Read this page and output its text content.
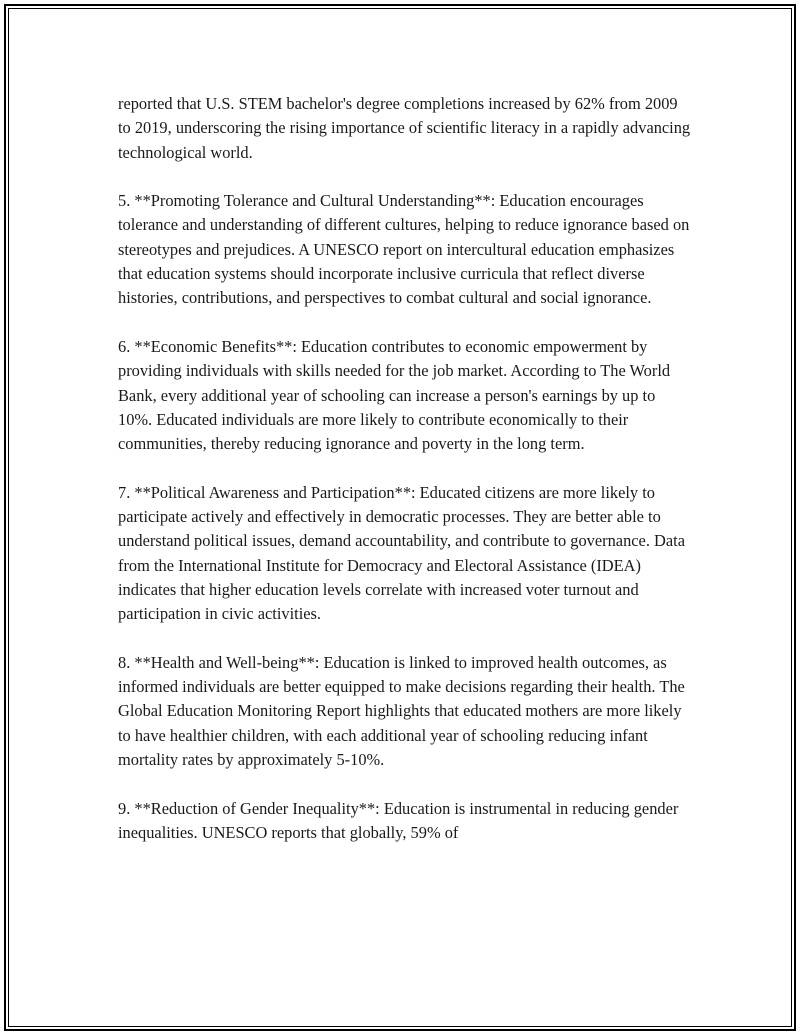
reported that U.S. STEM bachelor's degree completions increased by 62% from 2009 to 2019, underscoring the rising importance of scientific literacy in a rapidly advancing technological world.

5. **Promoting Tolerance and Cultural Understanding**: Education encourages tolerance and understanding of different cultures, helping to reduce ignorance based on stereotypes and prejudices. A UNESCO report on intercultural education emphasizes that education systems should incorporate inclusive curricula that reflect diverse histories, contributions, and perspectives to combat cultural and social ignorance.

6. **Economic Benefits**: Education contributes to economic empowerment by providing individuals with skills needed for the job market. According to The World Bank, every additional year of schooling can increase a person's earnings by up to 10%. Educated individuals are more likely to contribute economically to their communities, thereby reducing ignorance and poverty in the long term.

7. **Political Awareness and Participation**: Educated citizens are more likely to participate actively and effectively in democratic processes. They are better able to understand political issues, demand accountability, and contribute to governance. Data from the International Institute for Democracy and Electoral Assistance (IDEA) indicates that higher education levels correlate with increased voter turnout and participation in civic activities.

8. **Health and Well-being**: Education is linked to improved health outcomes, as informed individuals are better equipped to make decisions regarding their health. The Global Education Monitoring Report highlights that educated mothers are more likely to have healthier children, with each additional year of schooling reducing infant mortality rates by approximately 5-10%.

9. **Reduction of Gender Inequality**: Education is instrumental in reducing gender inequalities. UNESCO reports that globally, 59% of
